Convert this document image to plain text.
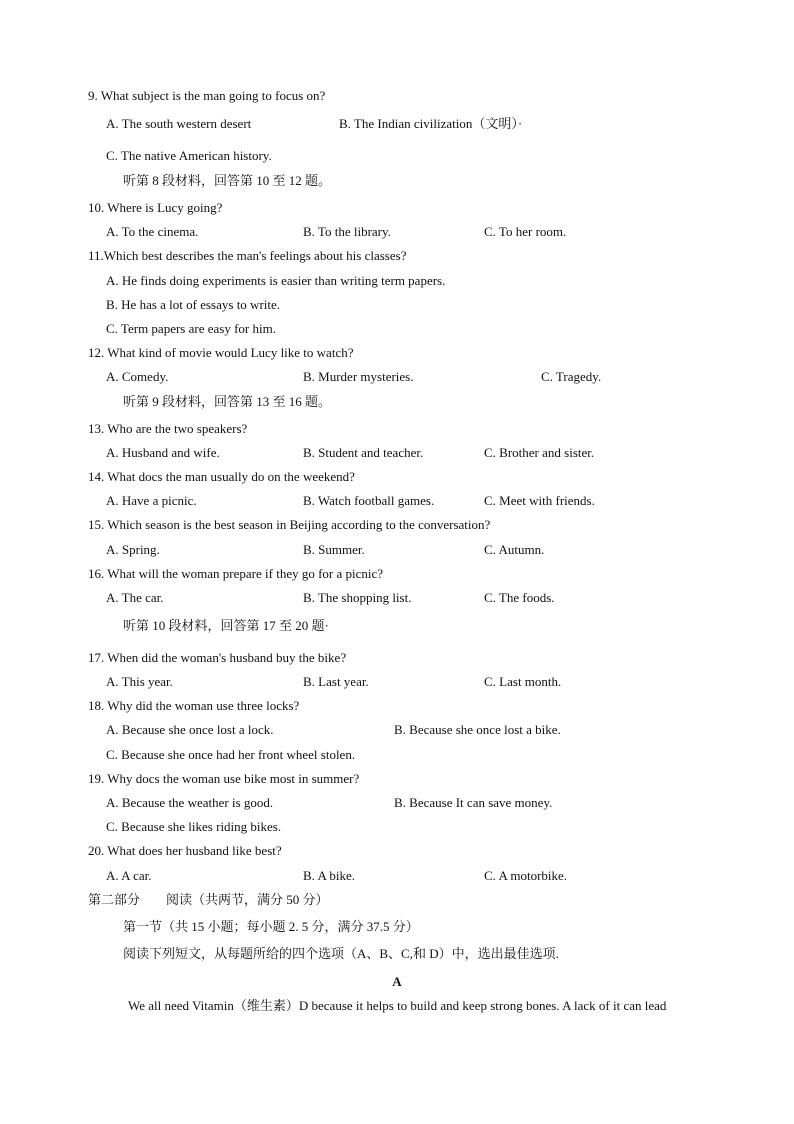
9. What subject is the man going to focus on?
A. The south western desert	B. The Indian civilization（文明）·
C. The native American history.
听第 8 段材料，回答第 10 至 12 题。
10. Where is Lucy going?
A. To the cinema.	B. To the library.	C. To her room.
11.Which best describes the man's feelings about his classes?
A. He finds doing experiments is easier than writing term papers.
B. He has a lot of essays to write.
C. Term papers are easy for him.
12. What kind of movie would Lucy like to watch?
A. Comedy.	B. Murder mysteries.	C. Tragedy.
听第 9 段材料，回答第 13 至 16 题。
13. Who are the two speakers?
A. Husband and wife.	B. Student and teacher.	C. Brother and sister.
14. What docs the man usually do on the weekend?
A. Have a picnic.	B. Watch football games.	C. Meet with friends.
15. Which season is the best season in Beijing according to the conversation?
A. Spring.	B. Summer.	C. Autumn.
16. What will the woman prepare if they go for a picnic?
A. The car.	B. The shopping list.	C. The foods.
听第 10 段材料，回答第 17 至 20 题·
17. When did the woman's husband buy the bike?
A. This year.	B. Last year.	C. Last month.
18. Why did the woman use three locks?
A. Because she once lost a lock.	B. Because she once lost a bike.
C. Because she once had her front wheel stolen.
19. Why docs the woman use bike most in summer?
A. Because the weather is good.	B. Because It can save money.
C. Because she likes riding bikes.
20. What does her husband like best?
A. A car.	B. A bike.	C. A motorbike.
第二部分　　阅读（共两节，满分 50 分）
第一节（共 15 小题；每小题 2. 5 分，满分 37.5 分）
阅读下列短文，从每题所给的四个选项（A、B、C,和 D）中，选出最佳选项.
A
We all need Vitamin（维生素）D because it helps to build and keep strong bones. A lack of it can lead
